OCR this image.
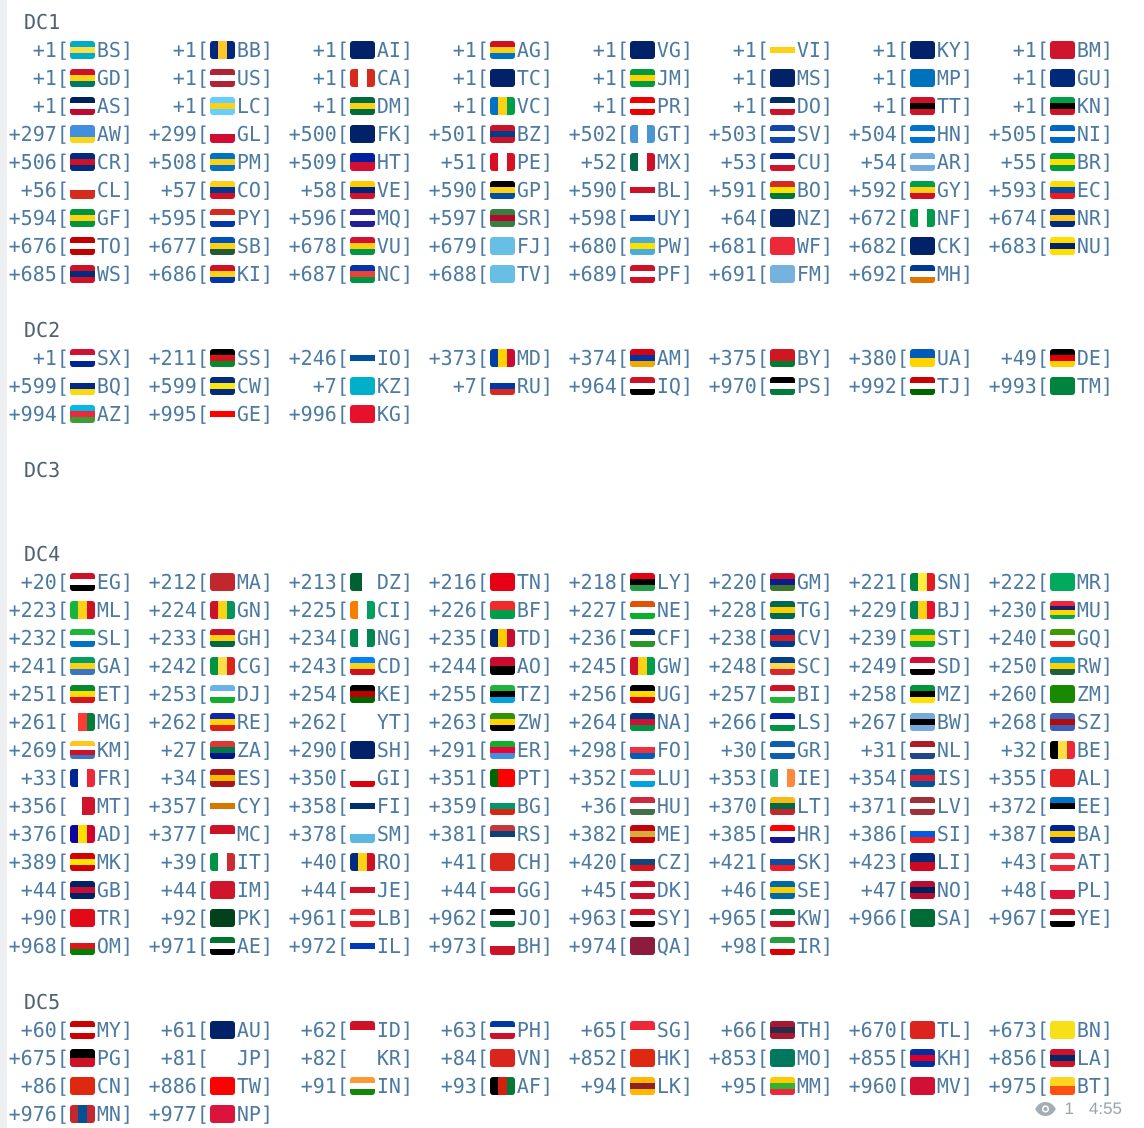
DC1
+1 [ BS ] +1 [ BB ] +1 [ AI ] +1 [ AG ] +1 [ VG ] +1 [ VI ] +1 [ KY ] +1 [ BM ]
+1 [ GD ] +1 [ US ] +1 [ CA ] +1 [ TC ] +1 [ JM ] +1 [ MS ] +1 [ MP ] +1 [ GU ]
+1 [ AS ] +1 [ LC ] +1 [ DM ] +1 [ VC ] +1 [ PR ] +1 [ DO ] +1 [ TT ] +1 [ KN ]
+297 [ AW ] +299 [ GL ] +500 [ FK ] +501 [ BZ ] +502 [ GT ] +503 [ SV ] +504 [ HN ] +505 [ NI ]
+506 [ CR ] +508 [ PM ] +509 [ HT ] +51 [ PE ] +52 [ MX ] +53 [ CU ] +54 [ AR ] +55 [ BR ]
+56 [ CL ] +57 [ CO ] +58 [ VE ] +590 [ GP ] +590 [ BL ] +591 [ BO ] +592 [ GY ] +593 [ EC ]
+594 [ GF ] +595 [ PY ] +596 [ MQ ] +597 [ SR ] +598 [ UY ] +64 [ NZ ] +672 [ NF ] +674 [ NR ]
+676 [ TO ] +677 [ SB ] +678 [ VU ] +679 [ FJ ] +680 [ PW ] +681 [ WF ] +682 [ CK ] +683 [ NU ]
+685 [ WS ] +686 [ KI ] +687 [ NC ] +688 [ TV ] +689 [ PF ] +691 [ FM ] +692 [ MH ]
DC2
+1 [ SX ] +211 [ SS ] +246 [ IO ] +373 [ MD ] +374 [ AM ] +375 [ BY ] +380 [ UA ] +49 [ DE ]
+599 [ BQ ] +599 [ CW ] +7 [ KZ ] +7 [ RU ] +964 [ IQ ] +970 [ PS ] +992 [ TJ ] +993 [ TM ]
+994 [ AZ ] +995 [ GE ] +996 [ KG ]
DC3
DC4
+20 [ EG ] +212 [ MA ] +213 [ DZ ] +216 [ TN ] +218 [ LY ] +220 [ GM ] +221 [ SN ] +222 [ MR ]
+223 [ ML ] +224 [ GN ] +225 [ CI ] +226 [ BF ] +227 [ NE ] +228 [ TG ] +229 [ BJ ] +230 [ MU ]
+232 [ SL ] +233 [ GH ] +234 [ NG ] +235 [ TD ] +236 [ CF ] +238 [ CV ] +239 [ ST ] +240 [ GQ ]
+241 [ GA ] +242 [ CG ] +243 [ CD ] +244 [ AO ] +245 [ GW ] +248 [ SC ] +249 [ SD ] +250 [ RW ]
+251 [ ET ] +253 [ DJ ] +254 [ KE ] +255 [ TZ ] +256 [ UG ] +257 [ BI ] +258 [ MZ ] +260 [ ZM ]
+261 [ MG ] +262 [ RE ] +262 [ YT ] +263 [ ZW ] +264 [ NA ] +266 [ LS ] +267 [ BW ] +268 [ SZ ]
+269 [ KM ] +27 [ ZA ] +290 [ SH ] +291 [ ER ] +298 [ FO ] +30 [ GR ] +31 [ NL ] +32 [ BE ]
+33 [ FR ] +34 [ ES ] +350 [ GI ] +351 [ PT ] +352 [ LU ] +353 [ IE ] +354 [ IS ] +355 [ AL ]
+356 [ MT ] +357 [ CY ] +358 [ FI ] +359 [ BG ] +36 [ HU ] +370 [ LT ] +371 [ LV ] +372 [ EE ]
+376 [ AD ] +377 [ MC ] +378 [ SM ] +381 [ RS ] +382 [ ME ] +385 [ HR ] +386 [ SI ] +387 [ BA ]
+389 [ MK ] +39 [ IT ] +40 [ RO ] +41 [ CH ] +420 [ CZ ] +421 [ SK ] +423 [ LI ] +43 [ AT ]
+44 [ GB ] +44 [ IM ] +44 [ JE ] +44 [ GG ] +45 [ DK ] +46 [ SE ] +47 [ NO ] +48 [ PL ]
+90 [ TR ] +92 [ PK ] +961 [ LB ] +962 [ JO ] +963 [ SY ] +965 [ KW ] +966 [ SA ] +967 [ YE ]
+968 [ OM ] +971 [ AE ] +972 [ IL ] +973 [ BH ] +974 [ QA ] +98 [ IR ]
DC5
+60 [ MY ] +61 [ AU ] +62 [ ID ] +63 [ PH ] +65 [ SG ] +66 [ TH ] +670 [ TL ] +673 [ BN ]
+675 [ PG ] +81 [ JP ] +82 [ KR ] +84 [ VN ] +852 [ HK ] +853 [ MO ] +855 [ KH ] +856 [ LA ]
+86 [ CN ] +886 [ TW ] +91 [ IN ] +93 [ AF ] +94 [ LK ] +95 [ MM ] +960 [ MV ] +975 [ BT ]
+976 [ MN ] +977 [ NP ]	1 4:55
